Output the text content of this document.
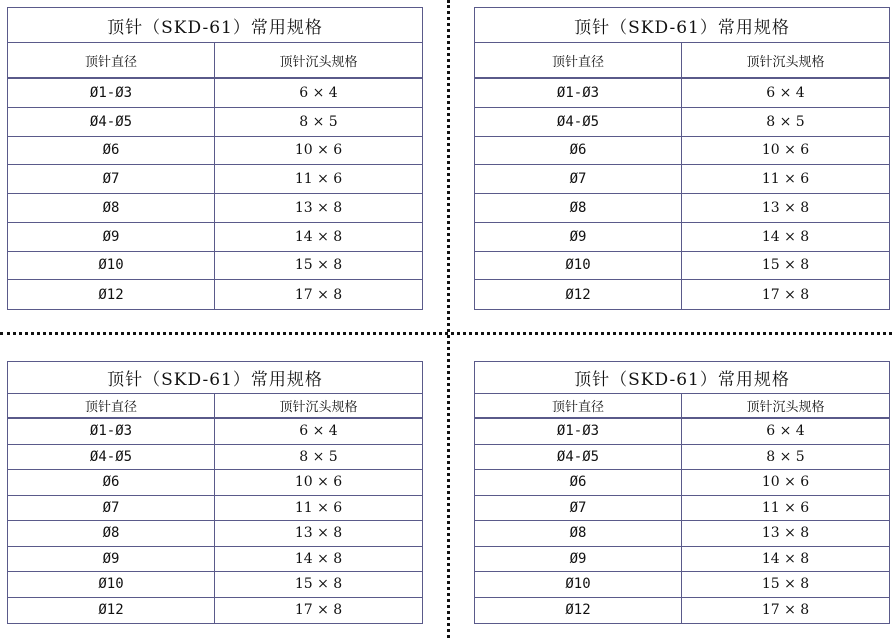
顶针（SKD-61）常用规格
顶针直径	顶针沉头规格
Ø1-Ø3	6 × 4
Ø4-Ø5	8 × 5
Ø6	10 × 6
Ø7	11 × 6
Ø8	13 × 8
Ø9	14 × 8
Ø10	15 × 8
Ø12	17 × 8
顶针（SKD-61）常用规格
顶针直径	顶针沉头规格
Ø1-Ø3	6 × 4
Ø4-Ø5	8 × 5
Ø6	10 × 6
Ø7	11 × 6
Ø8	13 × 8
Ø9	14 × 8
Ø10	15 × 8
Ø12	17 × 8
顶针（SKD-61）常用规格
顶针直径	顶针沉头规格
Ø1-Ø3	6 × 4
Ø4-Ø5	8 × 5
Ø6	10 × 6
Ø7	11 × 6
Ø8	13 × 8
Ø9	14 × 8
Ø10	15 × 8
Ø12	17 × 8
顶针（SKD-61）常用规格
顶针直径	顶针沉头规格
Ø1-Ø3	6 × 4
Ø4-Ø5	8 × 5
Ø6	10 × 6
Ø7	11 × 6
Ø8	13 × 8
Ø9	14 × 8
Ø10	15 × 8
Ø12	17 × 8
